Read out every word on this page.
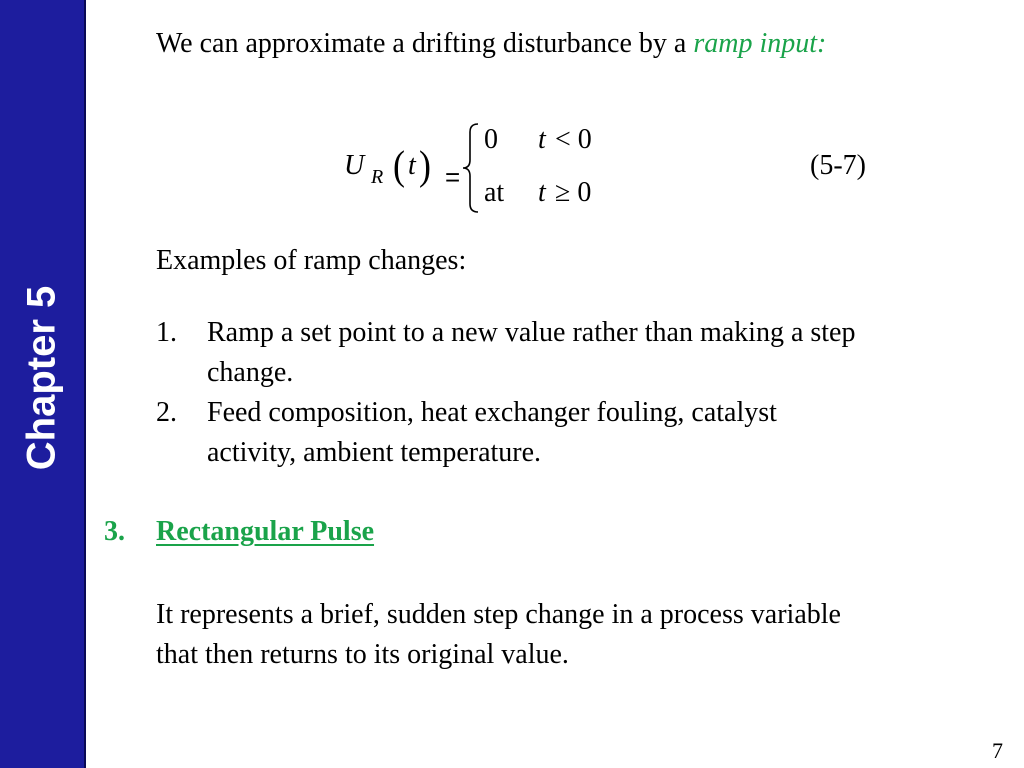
Chapter 5
We can approximate a drifting disturbance by a ramp input:
U R ( t ) =
0 t < 0
at t ≥ 0
(5-7)
Examples of ramp changes:
1. Ramp a set point to a new value rather than making a step
change.
2. Feed composition, heat exchanger fouling, catalyst
activity, ambient temperature.
3. Rectangular Pulse
It represents a brief, sudden step change in a process variable
that then returns to its original value.
7
